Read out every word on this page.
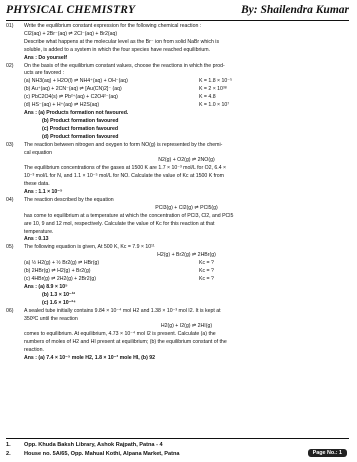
PHYSICAL CHEMISTRY	By: Shailendra Kumar
01) Write the equilibrium constant expression for the following chemical reaction :
Cl2(aq) + 2Br⁻(aq) ⇌ 2Cl⁻(aq) + Br2(aq)
Describe what happens at the molecular level as the Br⁻ ion from solid NaBr which is
soluble, is added to a system in which the four species have reached equilibrium.
Ans : Do yourself
02) On the basis of the equilibrium constant values, choose the reactions in which the prod-
ucts are favored :
(a) NH3(aq) + H2O(l) ⇌ NH4⁺(aq) + OH⁻(aq)	K = 1.8 × 10⁻⁵
(b) Au⁺(aq) + 2CN⁻(aq) ⇌ [Au(CN)2]⁻ (aq)	K = 2 × 10³⁸
(c) PbC2O4(s) ⇌ Pb²⁺(aq) + C2O4²⁻(aq)	K = 4.8
(d) HS⁻(aq) + H⁺(aq) ⇌ H2S(aq)	K = 1.0 × 10⁷
Ans : (a) Products formation not favoured.
(b) Product formation favoured
(c) Product formation favoured
(d) Product formation favoured
03) The reaction between nitrogen and oxygen to form NO(g) is represented by the chemi-
cal equation
N2(g) + O2(g) ⇌ 2NO(g)
The equilibrium concentrations of the gases at 1500 K are 1.7 × 10⁻³ mol/L for O2, 6.4 ×
10⁻³ mol/L for N, and 1.1 × 10⁻⁵ mol/L for NO. Calculate the value of Kc at 1500 K from
these data.
Ans : 1.1 × 10⁻⁵
04) The reaction described by the equation
PCl3(g) + Cl2(g) ⇌ PCl5(g)
has come to equilibrium at a temperature at which the concentration of PCl3, Cl2, and PCl5
are 10, 9 and 12 mol, respectively. Calculate the value of Kc for this reaction at that
temperature.
Ans : 0.13
05) The following equation is given, At 500 K, Kc = 7.9 × 10¹¹
H2(g) + Br2(g) ⇌ 2HBr(g)
(a) ½ H2(g) + ½ Br2(g) ⇌ HBr(g)	Kc = ?
(b) 2HBr(g) ⇌ H2(g) + Br2(g)	Kc = ?
(c) 4HBr(g) ⇌ 2H2(g) + 2Br2(g)	Kc = ?
Ans : (a) 8.9 × 10⁵
(b) 1.3 × 10⁻¹²
(c) 1.6 × 10⁻²⁴
06) A sealed tube initially contains 9.84 × 10⁻⁴ mol H2 and 1.38 × 10⁻³ mol I2. It is kept at
350ºC until the reaction
H2(g) + I2(g) ⇌ 2HI(g)
comes to equilibrium. At equilibrium, 4.73 × 10⁻⁴ mol I2 is present. Calculate (a) the
numbers of moles of H2 and HI present at equilibrium; (b) the equilibrium constant of the
reaction.
Ans : (a) 7.4 × 10⁻⁵ mole H2, 1.8 × 10⁻³ mole HI, (b) 92
1. Opp. Khuda Baksh Library, Ashok Rajpath, Patna - 4
2. House no. 5A/65, Opp. Mahual Kothi, Alpana Market, Patna	Page No.: 1
